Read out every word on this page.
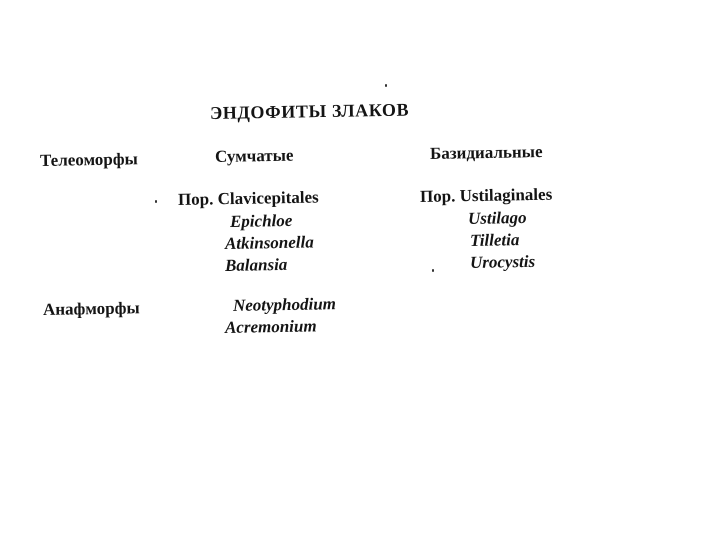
ЭНДОФИТЫ ЗЛАКОВ
Телеоморфы
Анафморфы
Сумчатые
Пор. Clavicepitales
Epichloe
Atkinsonella
Balansia
Neotyphodium
Acremonium
Базидиальные
Пор. Ustilaginales
Ustilago
Tilletia
Urocystis
